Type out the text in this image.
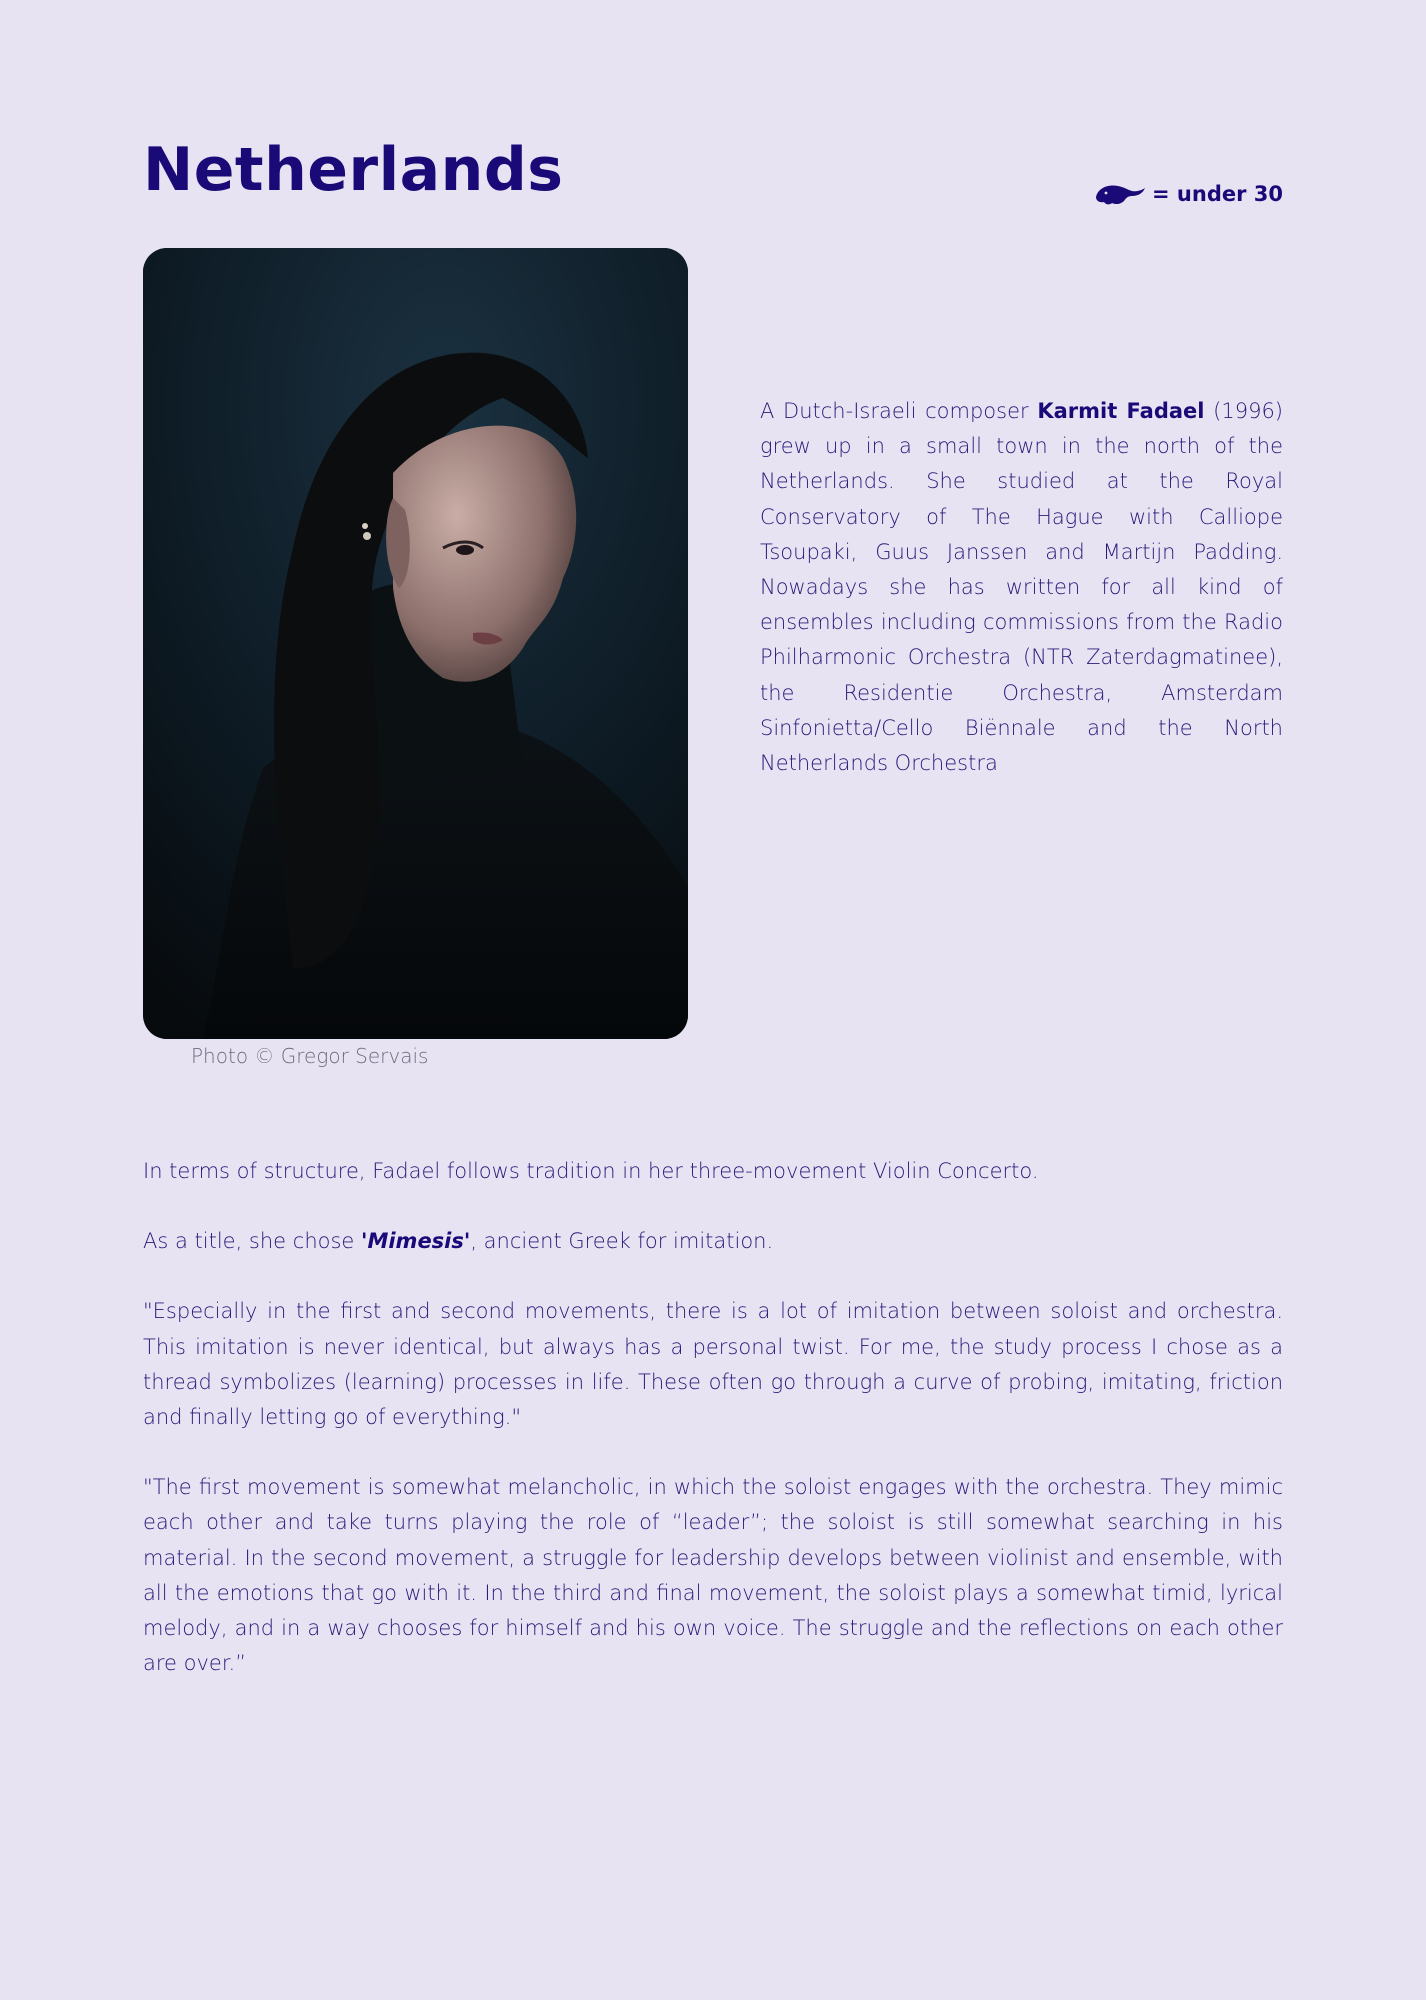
Netherlands	= under 30
Photo © Gregor Servais

A Dutch-Israeli composer Karmit Fadael (1996) grew up in a small town in the north of the Netherlands. She studied at the Royal Conservatory of The Hague with Calliope Tsoupaki, Guus Janssen and Martijn Padding. Nowadays she has written for all kind of ensembles including commissions from the Radio Philharmonic Orchestra (NTR Zaterdagmatinee), the Residentie Orchestra, Amsterdam Sinfonietta/Cello Biënnale and the North Netherlands Orchestra

In terms of structure, Fadael follows tradition in her three-movement Violin Concerto.

As a title, she chose 'Mimesis', ancient Greek for imitation.

"Especially in the first and second movements, there is a lot of imitation between soloist and orchestra. This imitation is never identical, but always has a personal twist. For me, the study process I chose as a thread symbolizes (learning) processes in life. These often go through a curve of probing, imitating, friction and finally letting go of everything."

"The first movement is somewhat melancholic, in which the soloist engages with the orchestra. They mimic each other and take turns playing the role of “leader”; the soloist is still somewhat searching in his material. In the second movement, a struggle for leadership develops between violinist and ensemble, with all the emotions that go with it. In the third and final movement, the soloist plays a somewhat timid, lyrical melody, and in a way chooses for himself and his own voice. The struggle and the reflections on each other are over.”
